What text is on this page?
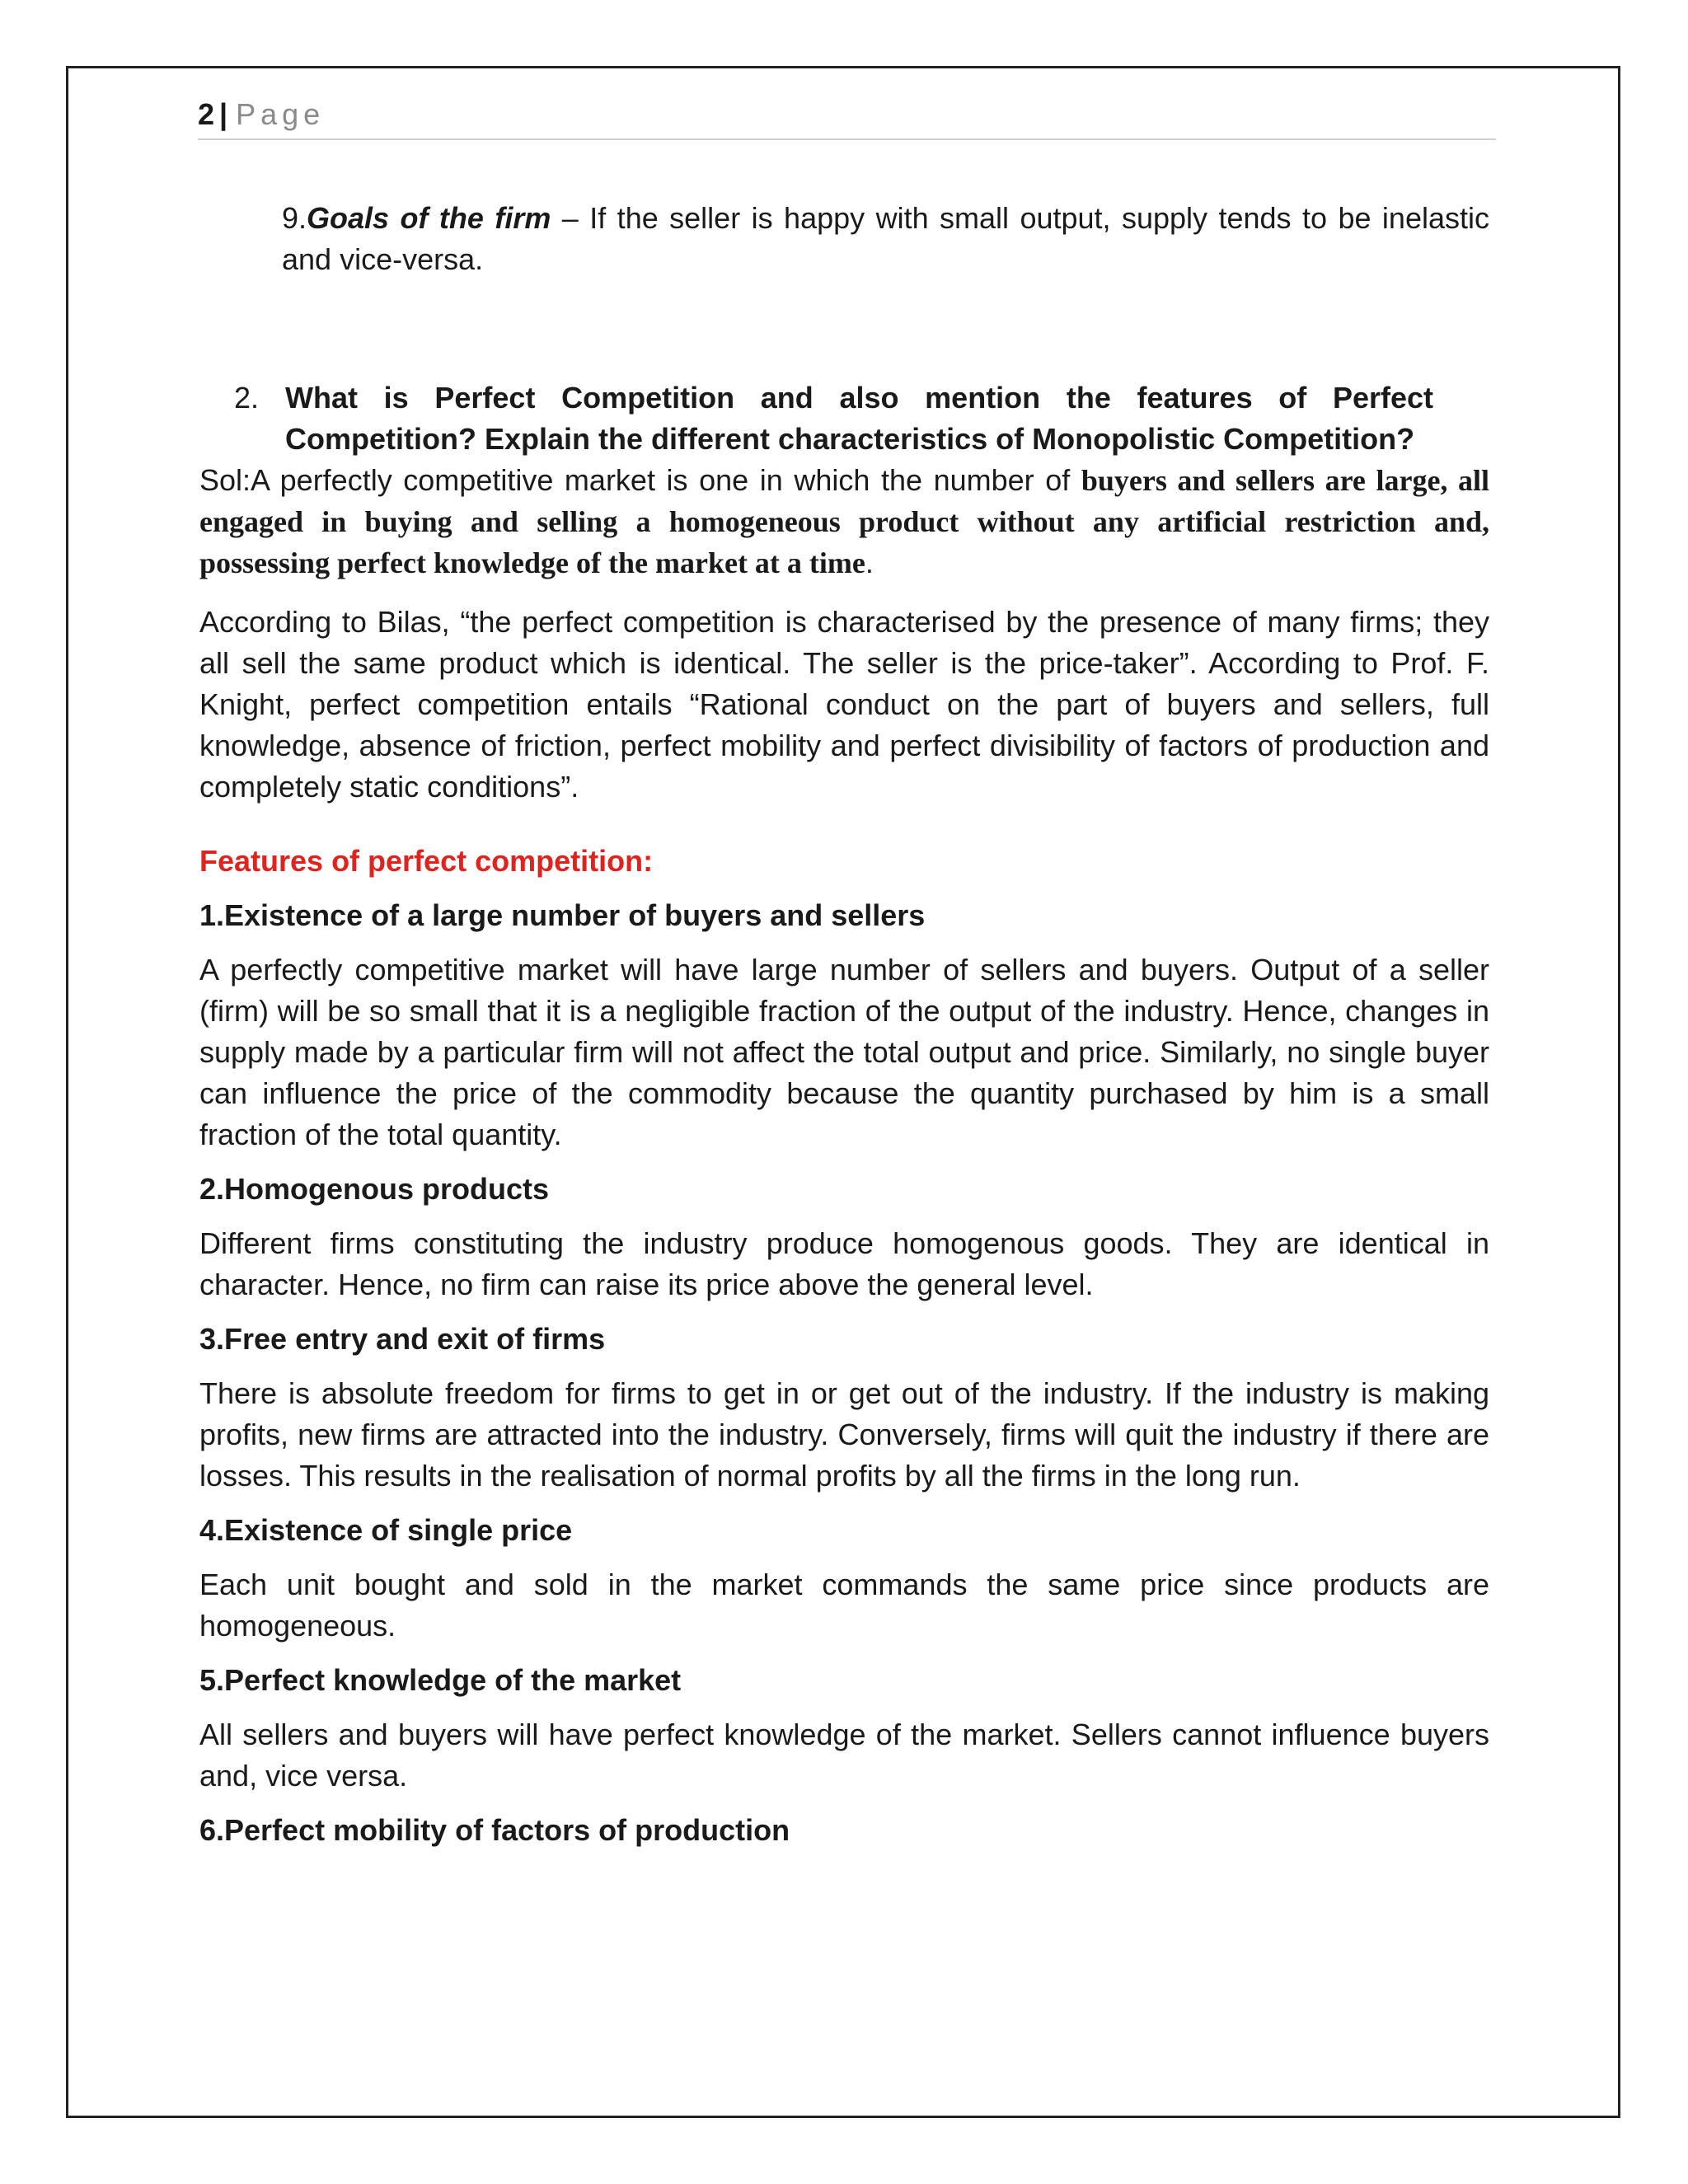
2 | Page

9.Goals of the firm – If the seller is happy with small output, supply tends to be inelastic and vice-versa.

2. What is Perfect Competition and also mention the features of Perfect Competition? Explain the different characteristics of Monopolistic Competition?

Sol:A perfectly competitive market is one in which the number of buyers and sellers are large, all engaged in buying and selling a homogeneous product without any artificial restriction and, possessing perfect knowledge of the market at a time.

According to Bilas, “the perfect competition is characterised by the presence of many firms; they all sell the same product which is identical. The seller is the price-taker”. According to Prof. F. Knight, perfect competition entails “Rational conduct on the part of buyers and sellers, full knowledge, absence of friction, perfect mobility and perfect divisibility of factors of production and completely static conditions”.

Features of perfect competition:

1.Existence of a large number of buyers and sellers

A perfectly competitive market will have large number of sellers and buyers. Output of a seller (firm) will be so small that it is a negligible fraction of the output of the industry. Hence, changes in supply made by a particular firm will not affect the total output and price. Similarly, no single buyer can influence the price of the commodity because the quantity purchased by him is a small fraction of the total quantity.

2.Homogenous products

Different firms constituting the industry produce homogenous goods. They are identical in character. Hence, no firm can raise its price above the general level.

3.Free entry and exit of firms

There is absolute freedom for firms to get in or get out of the industry. If the industry is making profits, new firms are attracted into the industry. Conversely, firms will quit the industry if there are losses. This results in the realisation of normal profits by all the firms in the long run.

4.Existence of single price

Each unit bought and sold in the market commands the same price since products are homogeneous.

5.Perfect knowledge of the market

All sellers and buyers will have perfect knowledge of the market. Sellers cannot influence buyers and, vice versa.

6.Perfect mobility of factors of production
